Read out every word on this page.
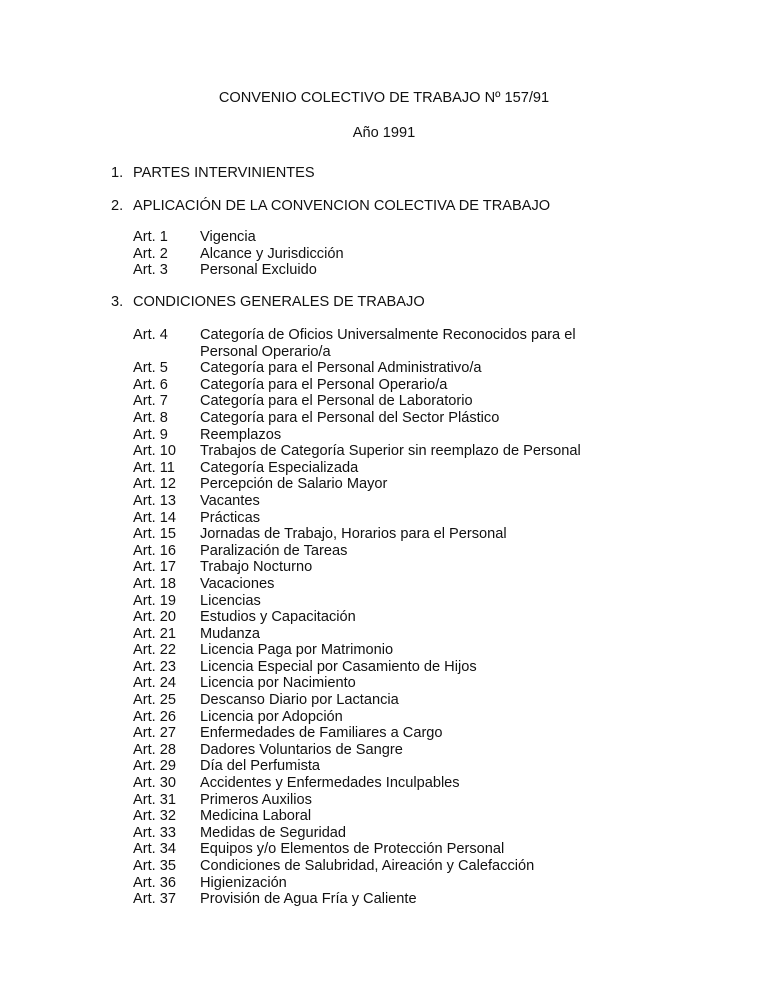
CONVENIO COLECTIVO DE TRABAJO Nº 157/91
Año 1991
1. PARTES INTERVINIENTES
2. APLICACIÓN DE LA CONVENCION COLECTIVA DE TRABAJO
Art. 1	Vigencia
Art. 2	Alcance y Jurisdicción
Art. 3	Personal Excluido
3. CONDICIONES GENERALES DE TRABAJO
Art. 4	Categoría de Oficios Universalmente Reconocidos para el Personal Operario/a
Art. 5	Categoría para el Personal Administrativo/a
Art. 6	Categoría para el Personal Operario/a
Art. 7	Categoría para el Personal de Laboratorio
Art. 8	Categoría para el Personal del Sector Plástico
Art. 9	Reemplazos
Art. 10	Trabajos de Categoría Superior sin reemplazo de Personal
Art. 11	Categoría Especializada
Art. 12	Percepción de Salario Mayor
Art. 13	Vacantes
Art. 14	Prácticas
Art. 15	Jornadas de Trabajo, Horarios para el Personal
Art. 16	Paralización de Tareas
Art. 17	Trabajo Nocturno
Art. 18	Vacaciones
Art. 19	Licencias
Art. 20	Estudios y Capacitación
Art. 21	Mudanza
Art. 22	Licencia Paga por Matrimonio
Art. 23	Licencia Especial por Casamiento de Hijos
Art. 24	Licencia por Nacimiento
Art. 25	Descanso Diario por Lactancia
Art. 26	Licencia por Adopción
Art. 27	Enfermedades de Familiares a Cargo
Art. 28	Dadores Voluntarios de Sangre
Art. 29	Día del Perfumista
Art. 30	Accidentes y Enfermedades Inculpables
Art. 31	Primeros Auxilios
Art. 32	Medicina Laboral
Art. 33	Medidas de Seguridad
Art. 34	Equipos y/o Elementos de Protección Personal
Art. 35	Condiciones de Salubridad, Aireación y Calefacción
Art. 36	Higienización
Art. 37	Provisión de Agua Fría y Caliente
